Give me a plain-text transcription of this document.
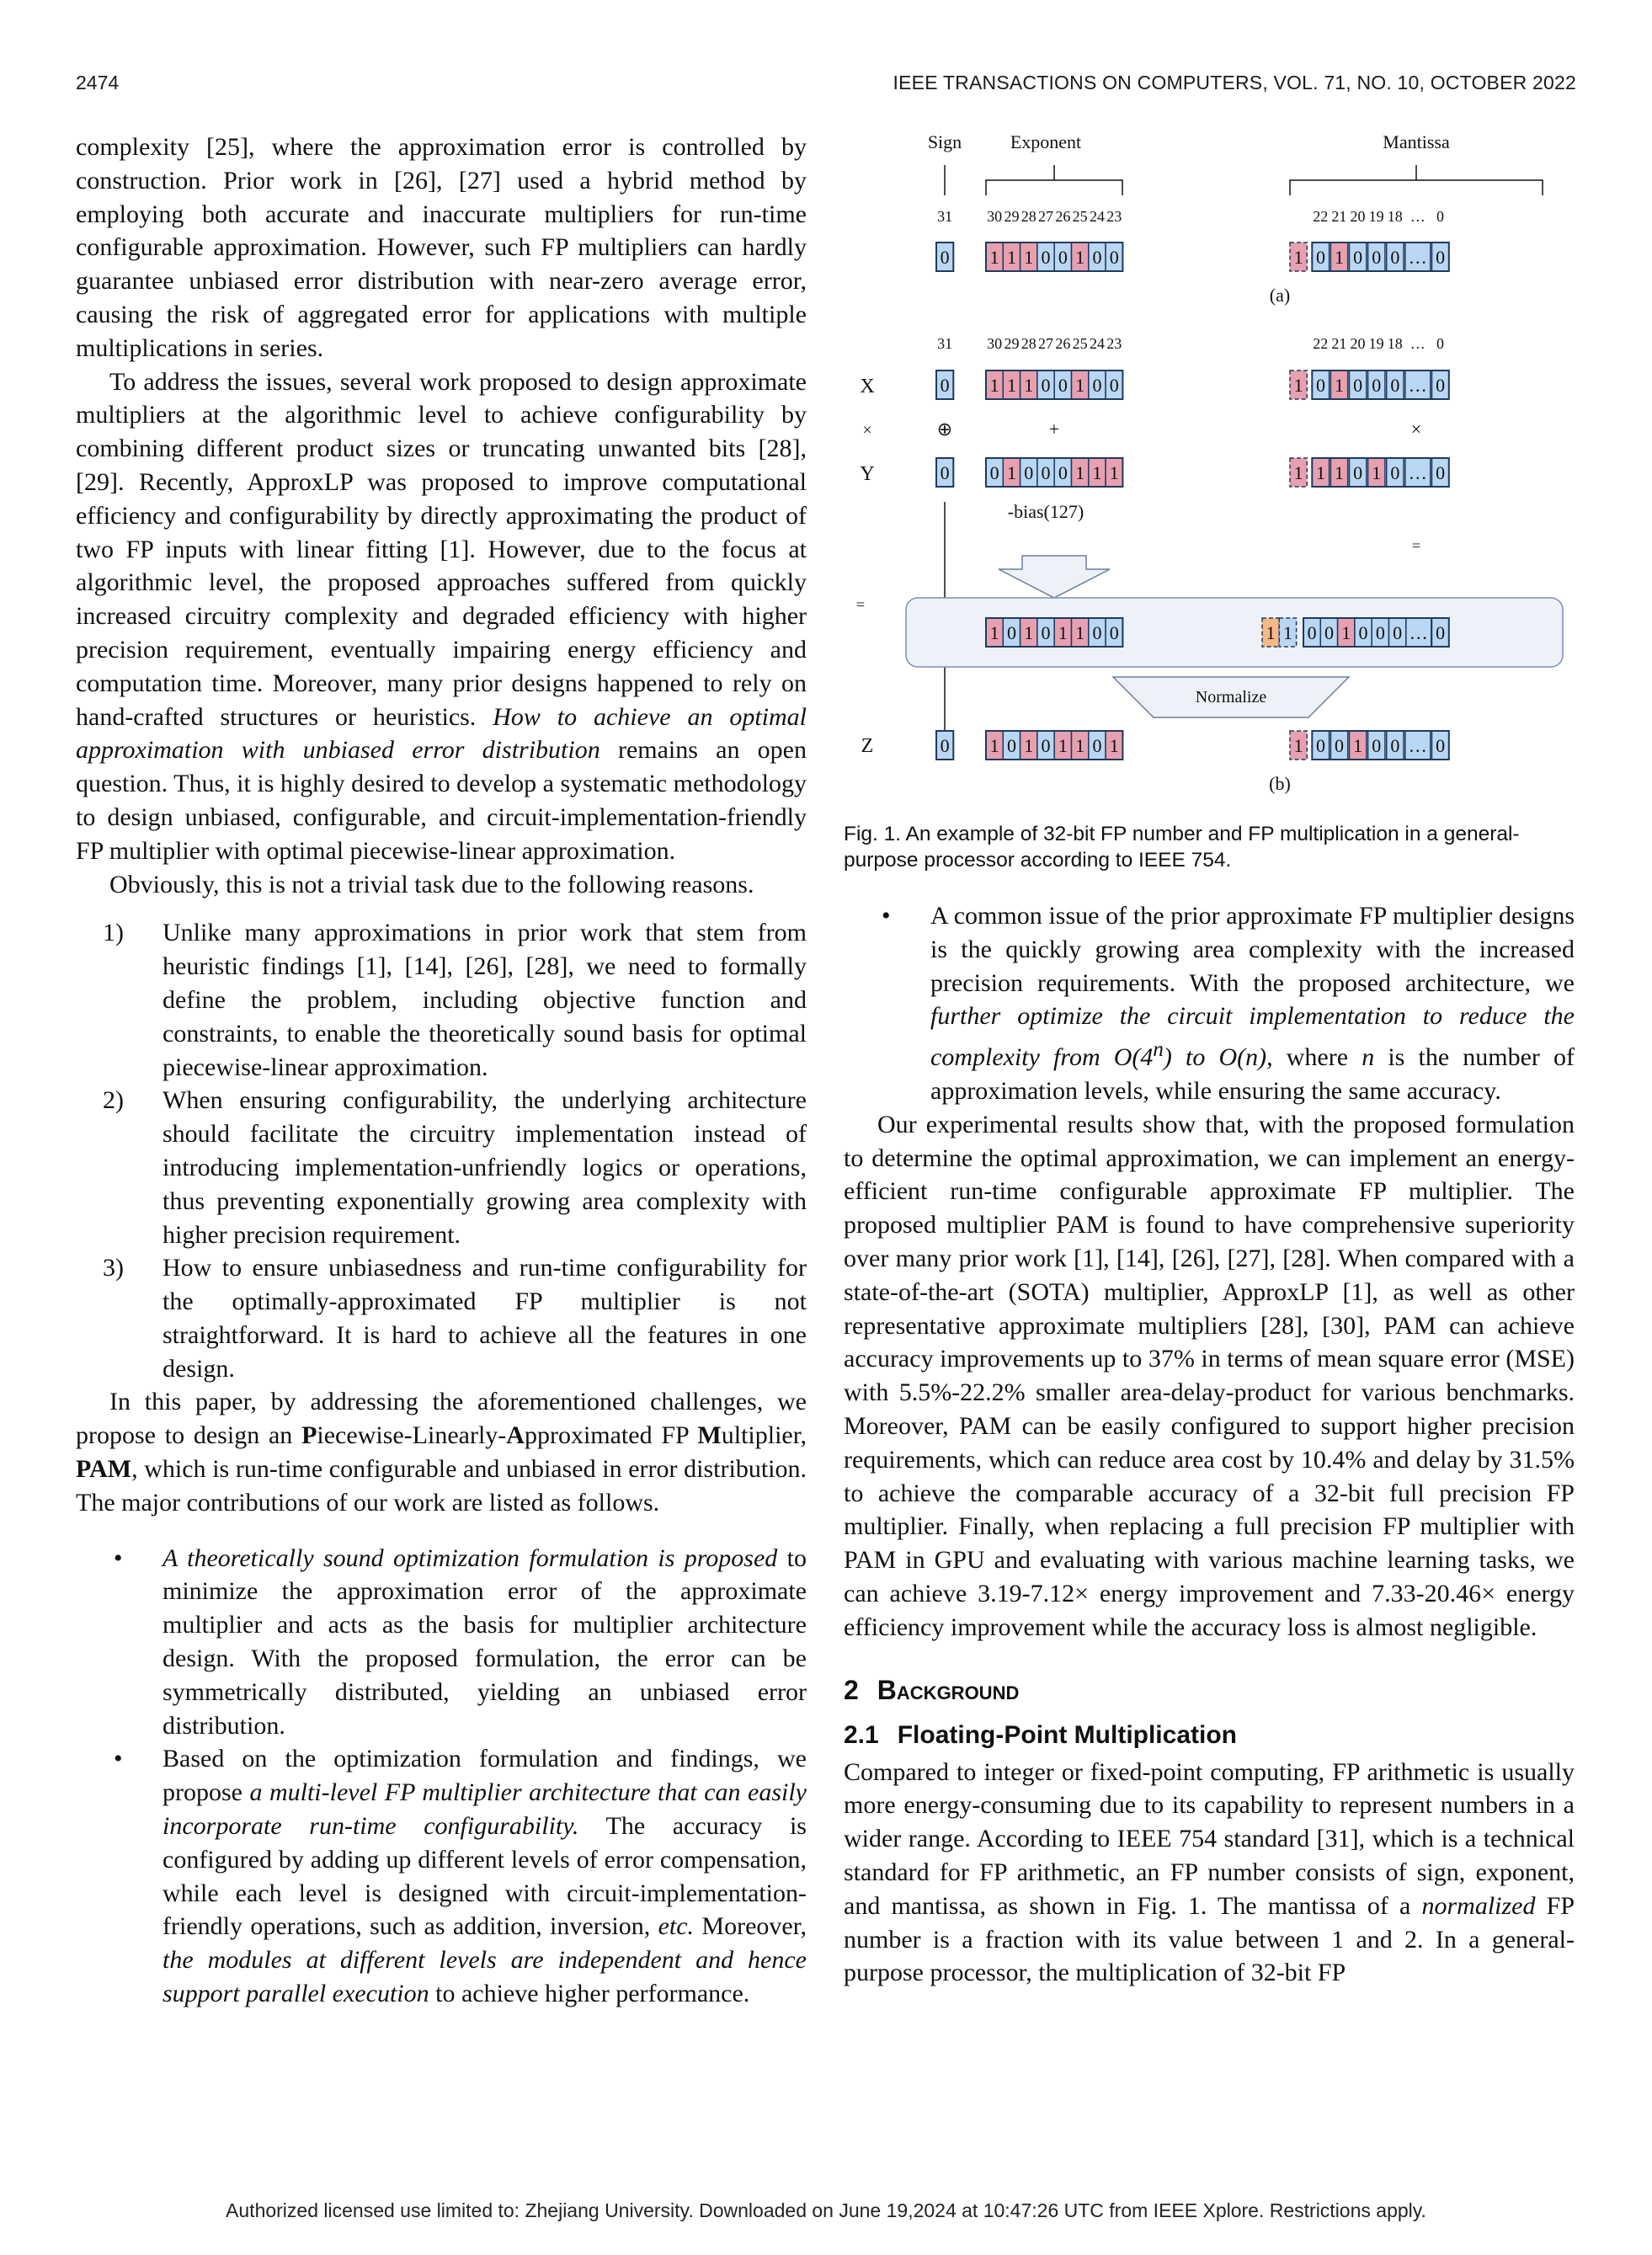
2474	IEEE TRANSACTIONS ON COMPUTERS, VOL. 71, NO. 10, OCTOBER 2022

complexity [25], where the approximation error is controlled by construction. Prior work in [26], [27] used a hybrid method by employing both accurate and inaccurate multipliers for run-time configurable approximation. However, such FP multipliers can hardly guarantee unbiased error distribution with near-zero average error, causing the risk of aggregated error for applications with multiple multiplications in series.

To address the issues, several work proposed to design approximate multipliers at the algorithmic level to achieve configurability by combining different product sizes or truncating unwanted bits [28], [29]. Recently, ApproxLP was proposed to improve computational efficiency and configurability by directly approximating the product of two FP inputs with linear fitting [1]. However, due to the focus at algorithmic level, the proposed approaches suffered from quickly increased circuitry complexity and degraded efficiency with higher precision requirement, eventually impairing energy efficiency and computation time. Moreover, many prior designs happened to rely on hand-crafted structures or heuristics. How to achieve an optimal approximation with unbiased error distribution remains an open question. Thus, it is highly desired to develop a systematic methodology to design unbiased, configurable, and circuit-implementation-friendly FP multiplier with optimal piecewise-linear approximation.

Obviously, this is not a trivial task due to the following reasons.

1) Unlike many approximations in prior work that stem from heuristic findings [1], [14], [26], [28], we need to formally define the problem, including objective function and constraints, to enable the theoretically sound basis for optimal piecewise-linear approximation.
2) When ensuring configurability, the underlying architecture should facilitate the circuitry implementation instead of introducing implementation-unfriendly logics or operations, thus preventing exponentially growing area complexity with higher precision requirement.
3) How to ensure unbiasedness and run-time configurability for the optimally-approximated FP multiplier is not straightforward. It is hard to achieve all the features in one design.

In this paper, by addressing the aforementioned challenges, we propose to design an Piecewise-Linearly-Approximated FP Multiplier, PAM, which is run-time configurable and unbiased in error distribution. The major contributions of our work are listed as follows.

• A theoretically sound optimization formulation is proposed to minimize the approximation error of the approximate multiplier and acts as the basis for multiplier architecture design. With the proposed formulation, the error can be symmetrically distributed, yielding an unbiased error distribution.
• Based on the optimization formulation and findings, we propose a multi-level FP multiplier architecture that can easily incorporate run-time configurability. The accuracy is configured by adding up different levels of error compensation, while each level is designed with circuit-implementation-friendly operations, such as addition, inversion, etc. Moreover, the modules at different levels are independent and hence support parallel execution to achieve higher performance.
Sign	Exponent	Mantissa
31 30 29 28 27 26 25 24 23	22 21 20 19 18 … 0
0 1 1 1 0 0 1 0 0	1 0 1 0 0 0 … 0
(a)
31 30 29 28 27 26 25 24 23	22 21 20 19 18 … 0
X	0 1 1 1 0 0 1 0 0	1 0 1 0 0 0 … 0
×	⊕	+	×
Y	0 0 1 0 0 0 1 1 1	1 1 1 0 1 0 … 0
-bias(127)
=
=
1 0 1 0 1 1 0 0	1 1 0 0 1 0 0 0 … 0
Normalize
Z	0 1 0 1 0 1 1 0 1	1 0 0 1 0 0 … 0
(b)
Fig. 1. An example of 32-bit FP number and FP multiplication in a general-purpose processor according to IEEE 754.
• A common issue of the prior approximate FP multiplier designs is the quickly growing area complexity with the increased precision requirements. With the proposed architecture, we further optimize the circuit implementation to reduce the complexity from O(4$^n$) to O(n), where n is the number of approximation levels, while ensuring the same accuracy.

Our experimental results show that, with the proposed formulation to determine the optimal approximation, we can implement an energy-efficient run-time configurable approximate FP multiplier. The proposed multiplier PAM is found to have comprehensive superiority over many prior work [1], [14], [26], [27], [28]. When compared with a state-of-the-art (SOTA) multiplier, ApproxLP [1], as well as other representative approximate multipliers [28], [30], PAM can achieve accuracy improvements up to 37% in terms of mean square error (MSE) with 5.5%-22.2% smaller area-delay-product for various benchmarks. Moreover, PAM can be easily configured to support higher precision requirements, which can reduce area cost by 10.4% and delay by 31.5% to achieve the comparable accuracy of a 32-bit full precision FP multiplier. Finally, when replacing a full precision FP multiplier with PAM in GPU and evaluating with various machine learning tasks, we can achieve 3.19-7.12× energy improvement and 7.33-20.46× energy efficiency improvement while the accuracy loss is almost negligible.

2 Background
2.1 Floating-Point Multiplication

Compared to integer or fixed-point computing, FP arithmetic is usually more energy-consuming due to its capability to represent numbers in a wider range. According to IEEE 754 standard [31], which is a technical standard for FP arithmetic, an FP number consists of sign, exponent, and mantissa, as shown in Fig. 1. The mantissa of a normalized FP number is a fraction with its value between 1 and 2. In a general-purpose processor, the multiplication of 32-bit FP

Authorized licensed use limited to: Zhejiang University. Downloaded on June 19,2024 at 10:47:26 UTC from IEEE Xplore. Restrictions apply.
